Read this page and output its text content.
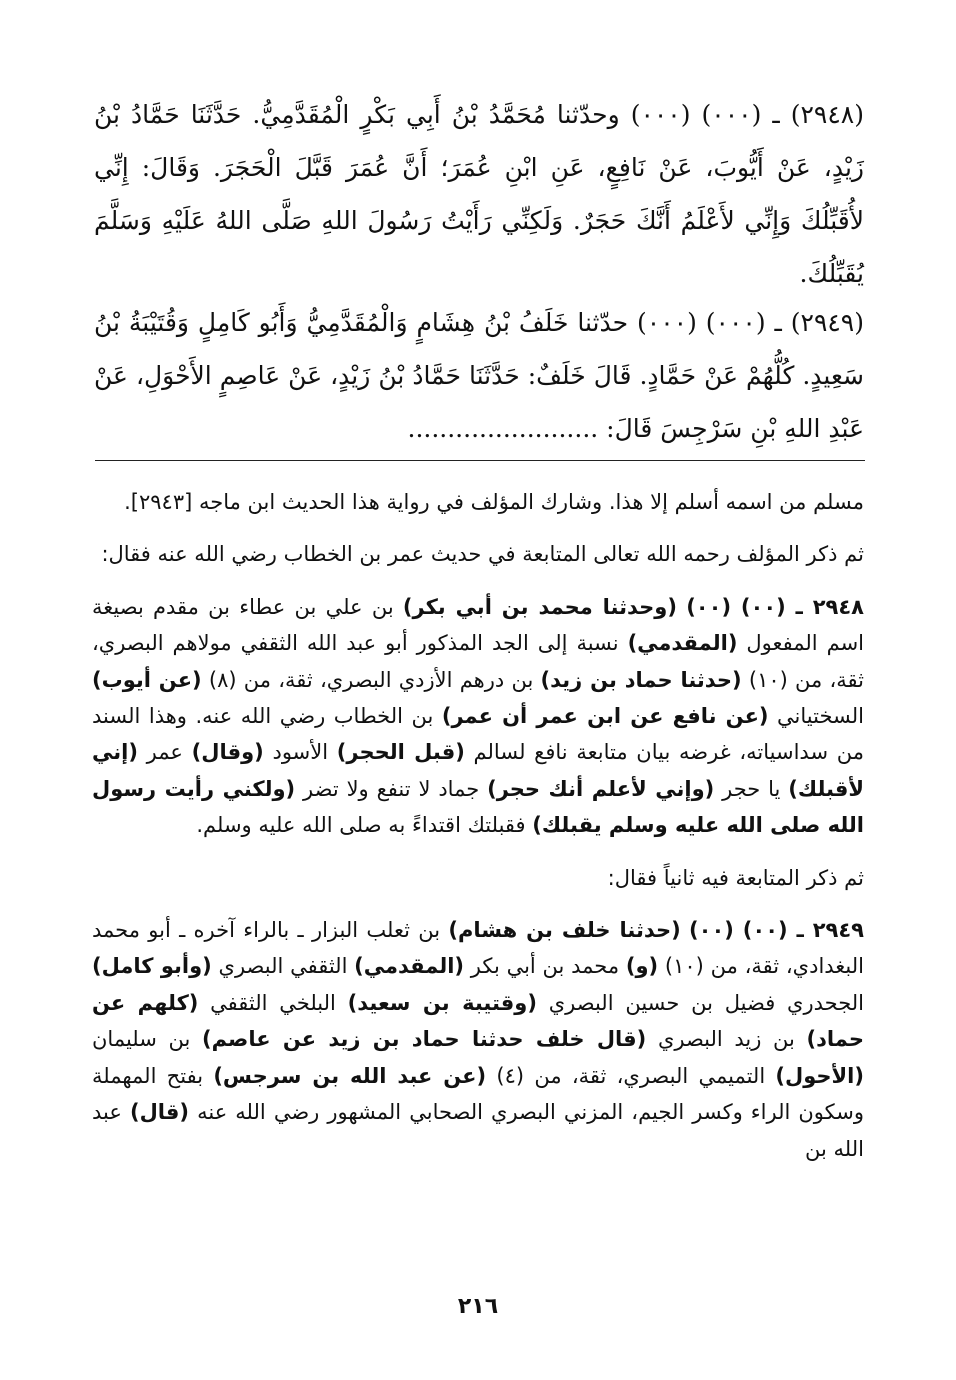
(٢٩٤٨) ـ (٠٠٠) (٠٠٠) وحدّثنا مُحَمَّدُ بْنُ أَبِي بَكْرٍ الْمُقَدَّمِيُّ. حَدَّثَنَا حَمَّادُ بْنُ زَيْدٍ، عَنْ أَيُّوبَ، عَنْ نَافِعٍ، عَنِ ابْنِ عُمَرَ؛ أَنَّ عُمَرَ قَبَّلَ الْحَجَرَ. وَقَالَ: إِنِّي لأُقَبِّلُكَ وَإِنِّي لأَعْلَمُ أَنَّكَ حَجَرٌ. وَلَكِنِّي رَأَيْتُ رَسُولَ اللهِ صَلَّى اللهُ عَلَيْهِ وَسَلَّمَ يُقَبِّلُكَ.
(٢٩٤٩) ـ (٠٠٠) (٠٠٠) حدّثنا خَلَفُ بْنُ هِشَامٍ وَالْمُقَدَّمِيُّ وَأَبُو كَامِلٍ وَقُتَيْبَةُ بْنُ سَعِيدٍ. كُلُّهُمْ عَنْ حَمَّادٍ. قَالَ خَلَفٌ: حَدَّثَنَا حَمَّادُ بْنُ زَيْدٍ، عَنْ عَاصِمٍ الأَحْوَلِ، عَنْ عَبْدِ اللهِ بْنِ سَرْجِسَ قَالَ: ........................

مسلم من اسمه أسلم إلا هذا. وشارك المؤلف في رواية هذا الحديث ابن ماجه [٢٩٤٣].

ثم ذكر المؤلف رحمه الله تعالى المتابعة في حديث عمر بن الخطاب رضي الله عنه فقال:

٢٩٤٨ ـ (٠٠) (٠٠) (وحدثنا محمد بن أبي بكر) بن علي بن عطاء بن مقدم بصيغة اسم المفعول (المقدمي) نسبة إلى الجد المذكور أبو عبد الله الثقفي مولاهم البصري، ثقة، من (١٠) (حدثنا حماد بن زيد) بن درهم الأزدي البصري، ثقة، من (٨) (عن أيوب) السختياني (عن نافع عن ابن عمر أن عمر) بن الخطاب رضي الله عنه. وهذا السند من سداسياته، غرضه بيان متابعة نافع لسالم (قبل الحجر) الأسود (وقال) عمر (إني لأقبلك) يا حجر (وإني لأعلم أنك حجر) جماد لا تنفع ولا تضر (ولكني رأيت رسول الله صلى الله عليه وسلم يقبلك) فقبلتك اقتداءً به صلى الله عليه وسلم.

ثم ذكر المتابعة فيه ثانياً فقال:

٢٩٤٩ ـ (٠٠) (٠٠) (حدثنا خلف بن هشام) بن ثعلب البزار ـ بالراء آخره ـ أبو محمد البغدادي، ثقة، من (١٠) (و) محمد بن أبي بكر (المقدمي) الثقفي البصري (وأبو كامل) الجحدري فضيل بن حسين البصري (وقتيبة بن سعيد) البلخي الثقفي (كلهم عن حماد) بن زيد البصري (قال خلف حدثنا حماد بن زيد عن عاصم) بن سليمان (الأحول) التميمي البصري، ثقة، من (٤) (عن عبد الله بن سرجس) بفتح المهملة وسكون الراء وكسر الجيم، المزني البصري الصحابي المشهور رضي الله عنه (قال) عبد الله بن

٢١٦
